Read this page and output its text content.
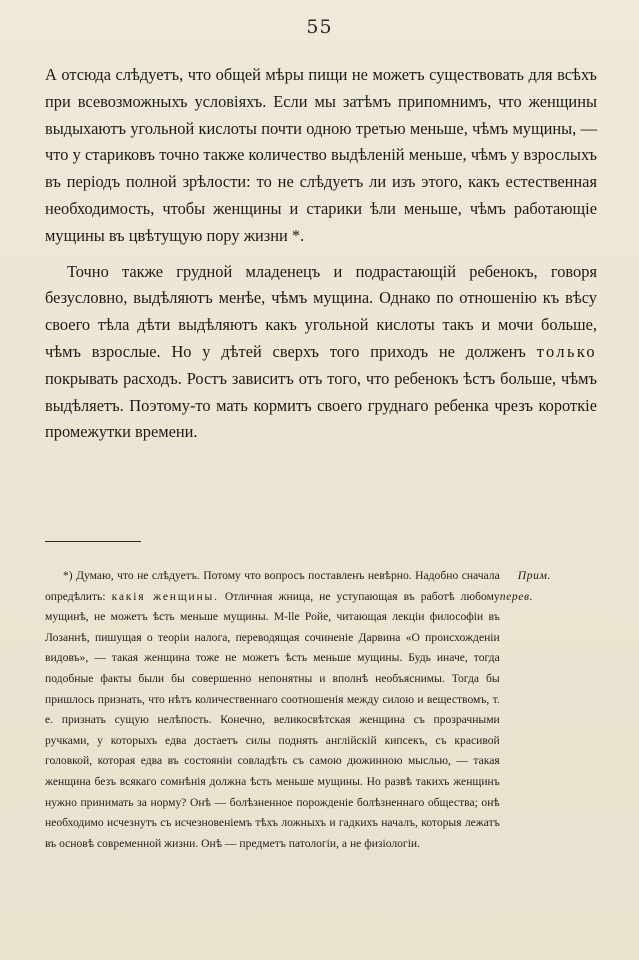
55

А отсюда слѣдуетъ, что общей мѣры пищи не можетъ существовать для всѣхъ при всевозможныхъ условіяхъ. Если мы затѣмъ припомнимъ, что женщины выдыхаютъ угольной кислоты почти одною третью меньше, чѣмъ мущины, — что у стариковъ точно также количество выдѣленій меньше, чѣмъ у взрослыхъ въ періодъ полной зрѣлости: то не слѣдуетъ ли изъ этого, какъ естественная необходимость, чтобы женщины и старики ѣли меньше, чѣмъ работающіе мущины въ цвѣтущую пору жизни *.

Точно также грудной младенецъ и подрастающій ребенокъ, говоря безусловно, выдѣляютъ менѣе, чѣмъ мущина. Однако по отношенію къ вѣсу своего тѣла дѣти выдѣляютъ какъ угольной кислоты такъ и мочи больше, чѣмъ взрослые. Но у дѣтей сверхъ того приходъ не долженъ только покрывать расходъ. Ростъ зависитъ отъ того, что ребенокъ ѣстъ больше, чѣмъ выдѣляетъ. Поэтому-то мать кормитъ своего груднаго ребенка чрезъ короткіе промежутки времени.

*) Думаю, что не слѣдуетъ. Потому что вопросъ поставленъ невѣрно. Надобно сначала опредѣлить: какія женщины. Отличная жница, не уступающая въ работѣ любому мущинѣ, не можетъ ѣсть меньше мущины. М-lle Ройе, читающая лекціи философіи въ Лозаннѣ, пишущая о теоріи налога, переводящая сочиненіе Дарвина «О происхожденіи видовъ», — такая женщина тоже не можетъ ѣсть меньше мущины. Будь иначе, тогда подобные факты были бы совершенно непонятны и вполнѣ необъяснимы. Тогда бы пришлось признать, что нѣтъ количественнаго соотношенія между силою и веществомъ, т. е. признать сущую нелѣпость. Конечно, великосвѣтская женщина съ прозрачными ручками, у которыхъ едва достаетъ силы поднять англійскій кипсекъ, съ красивой головкой, которая едва въ состояніи совладѣть съ самою дюжинною мыслью, — такая женщина безъ всякаго сомнѣнія должна ѣсть меньше мущины. Но развѣ такихъ женщинъ нужно принимать за норму? Онѣ — болѣзненное порожденіе болѣзненнаго общества; онѣ необходимо исчезнутъ съ исчезновеніемъ тѣхъ ложныхъ и гадкихъ началъ, которыя лежатъ въ основѣ современной жизни. Онѣ — предметъ патологіи, а не физіологіи.
Прим. перев.
